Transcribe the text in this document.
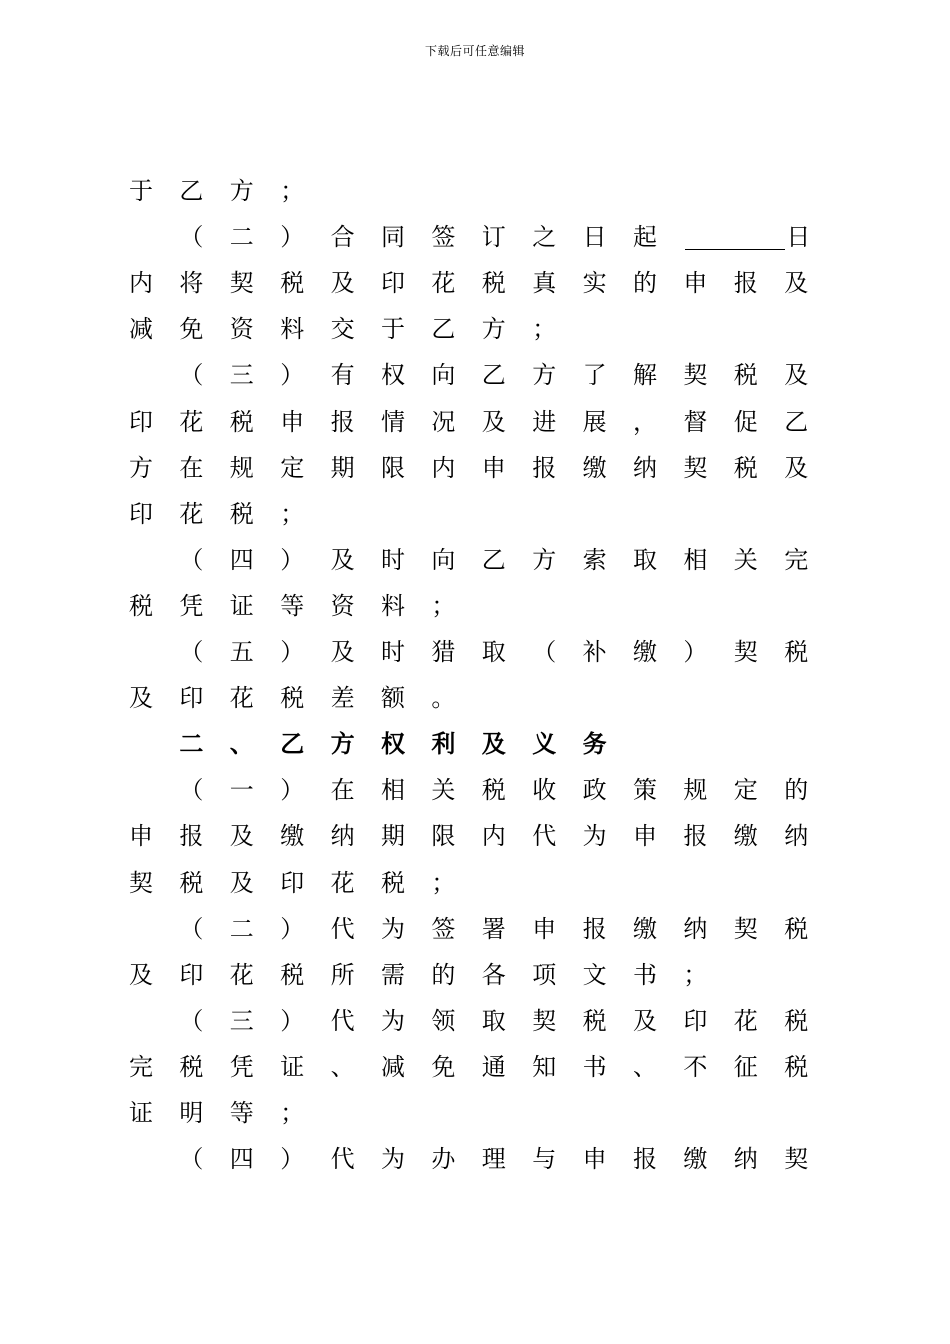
下载后可任意编辑
于 乙 方 ；
（ 二 ） 合 同 签 订 之 日 起	日
内 将 契 税 及 印 花 税 真 实 的 申 报 及
减 免 资 料 交 于 乙 方 ；
（ 三 ） 有 权 向 乙 方 了 解 契 税 及
印 花 税 申 报 情 况 及 进 展 ， 督 促 乙
方 在 规 定 期 限 内 申 报 缴 纳 契 税 及
印 花 税 ；
（ 四 ） 及 时 向 乙 方 索 取 相 关 完
税 凭 证 等 资 料 ；
（ 五 ） 及 时 猎 取 （ 补 缴 ） 契 税
及 印 花 税 差 额 。
二 、 乙 方 权 利 及 义 务
（ 一 ） 在 相 关 税 收 政 策 规 定 的
申 报 及 缴 纳 期 限 内 代 为 申 报 缴 纳
契 税 及 印 花 税 ；
（ 二 ） 代 为 签 署 申 报 缴 纳 契 税
及 印 花 税 所 需 的 各 项 文 书 ；
（ 三 ） 代 为 领 取 契 税 及 印 花 税
完 税 凭 证 、 减 免 通 知 书 、 不 征 税
证 明 等 ；
（ 四 ） 代 为 办 理 与 申 报 缴 纳 契
